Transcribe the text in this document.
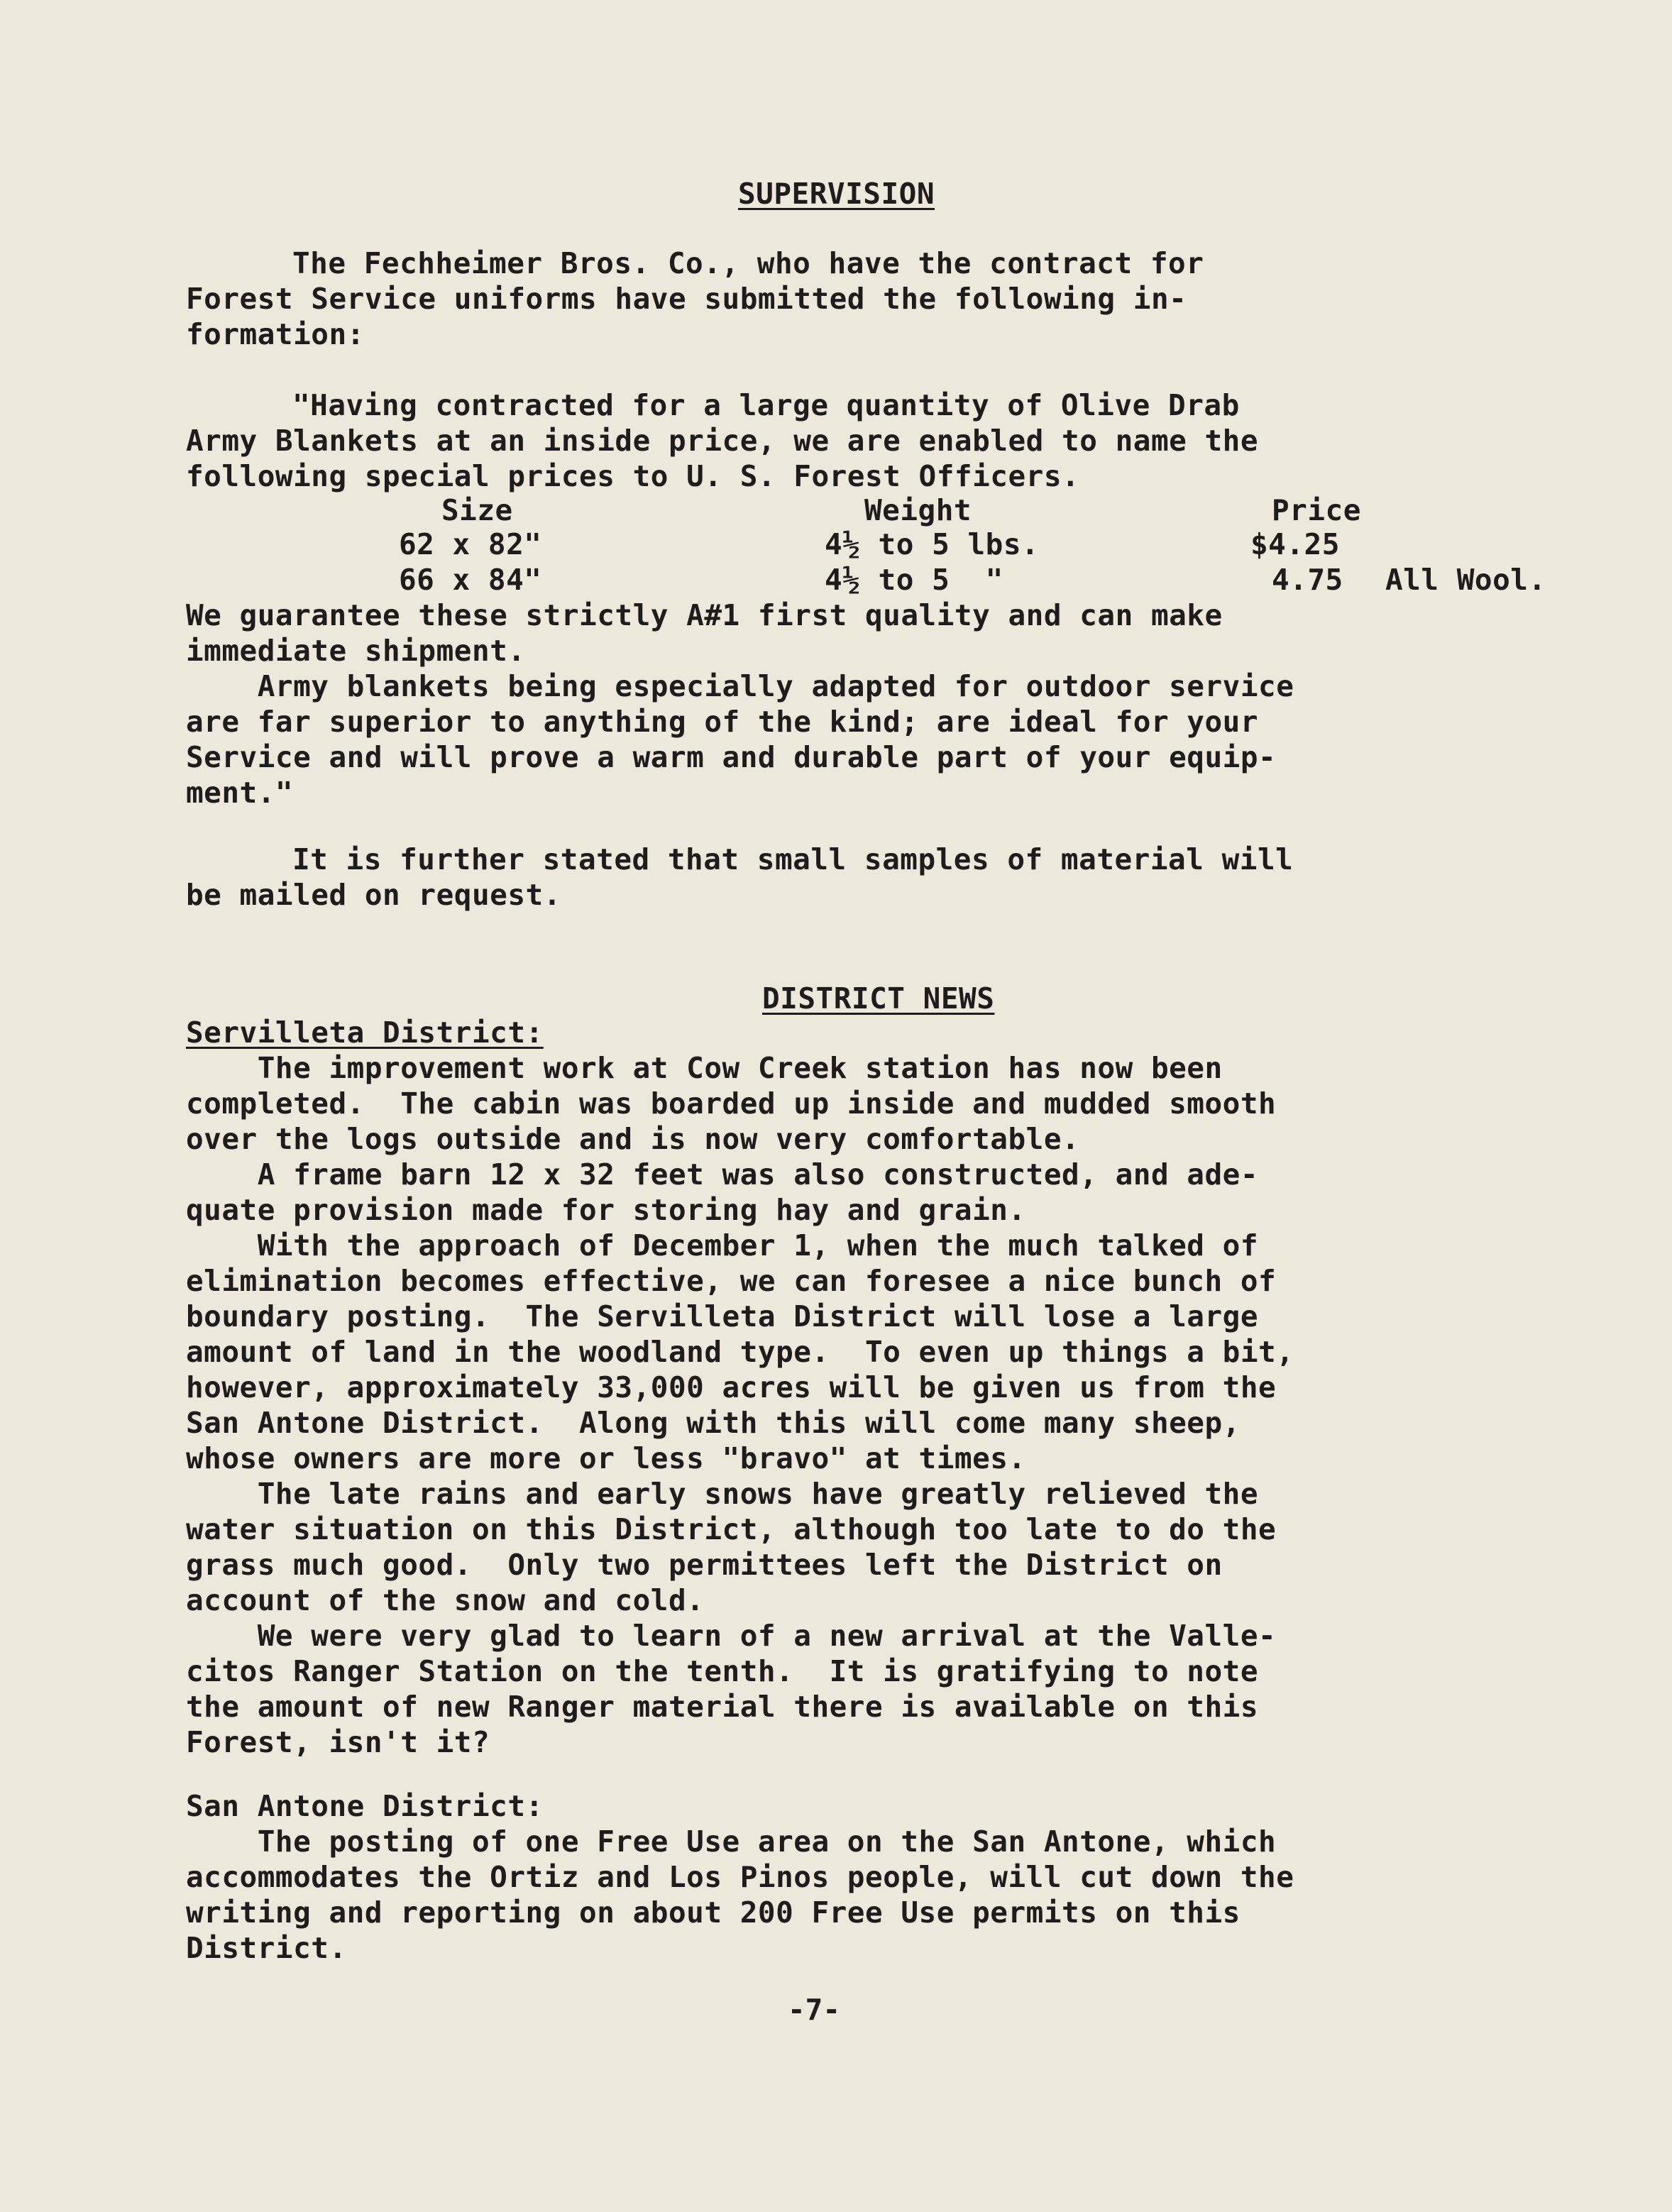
SUPERVISION
The Fechheimer Bros. Co., who have the contract for
Forest Service uniforms have submitted the following in-
formation:
"Having contracted for a large quantity of Olive Drab
Army Blankets at an inside price, we are enabled to name the
following special prices to U. S. Forest Officers.
Size	Weight	Price
62 x 82"	4½ to 5 lbs.	$4.25
66 x 84"	4½ to 5  "	4.75 All Wool.
We guarantee these strictly A#1 first quality and can make
immediate shipment.
Army blankets being especially adapted for outdoor service
are far superior to anything of the kind; are ideal for your
Service and will prove a warm and durable part of your equip-
ment."
It is further stated that small samples of material will
be mailed on request.
DISTRICT NEWS
Servilleta District:
The improvement work at Cow Creek station has now been
completed.  The cabin was boarded up inside and mudded smooth
over the logs outside and is now very comfortable.
A frame barn 12 x 32 feet was also constructed, and ade-
quate provision made for storing hay and grain.
With the approach of December 1, when the much talked of
elimination becomes effective, we can foresee a nice bunch of
boundary posting.  The Servilleta District will lose a large
amount of land in the woodland type.  To even up things a bit,
however, approximately 33,000 acres will be given us from the
San Antone District.  Along with this will come many sheep,
whose owners are more or less "bravo" at times.
The late rains and early snows have greatly relieved the
water situation on this District, although too late to do the
grass much good.  Only two permittees left the District on
account of the snow and cold.
We were very glad to learn of a new arrival at the Valle-
citos Ranger Station on the tenth.  It is gratifying to note
the amount of new Ranger material there is available on this
Forest, isn't it?
San Antone District:
The posting of one Free Use area on the San Antone, which
accommodates the Ortiz and Los Pinos people, will cut down the
writing and reporting on about 200 Free Use permits on this
District.
-7-
